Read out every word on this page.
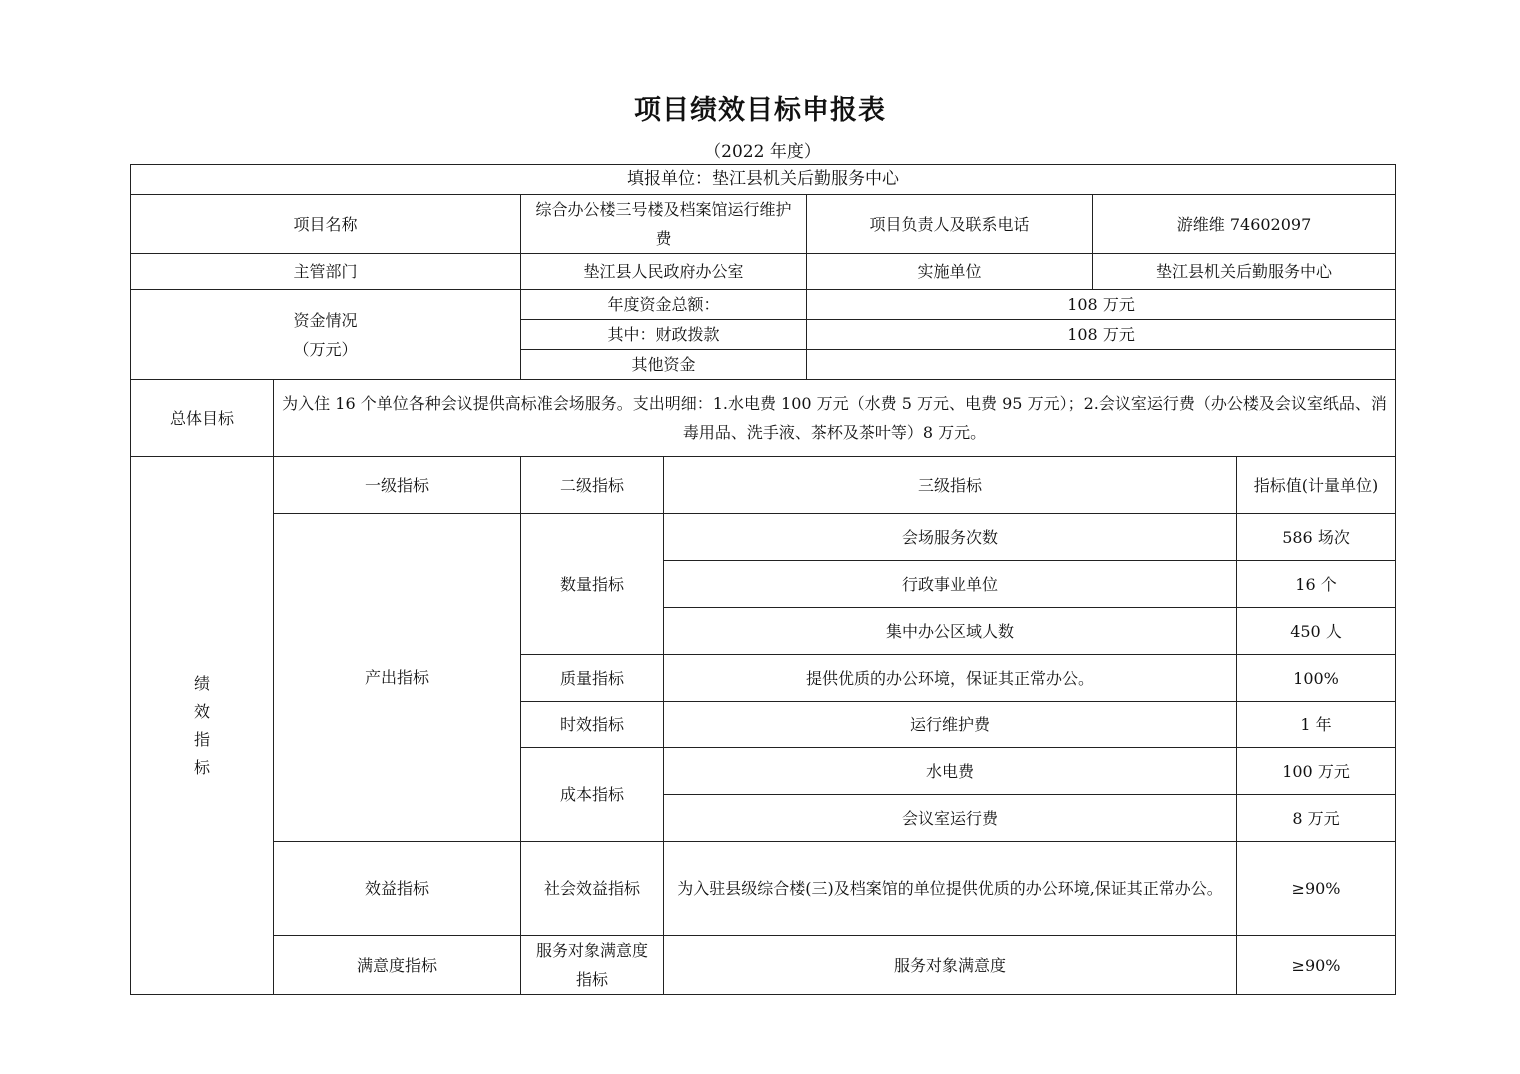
项目绩效目标申报表
（2022 年度）
填报单位：垫江县机关后勤服务中心						
项目名称		综合办公楼三号楼及档案馆运行维护费		项目负责人及联系电话	游维维 74602097	
主管部门		垫江县人民政府办公室		实施单位	垫江县机关后勤服务中心	

资金情况
（万元）		年度资金总额：		108 万元		
		其中：财政拨款		108 万元		
		其他资金				
总体目标	为入住 16 个单位各种会议提供高标准会场服务。支出明细：1.水电费 100 万元（水费 5 万元、电费 95 万元）；2.会议室运行费（办公楼及会议室纸品、消毒用品、洗手液、茶杯及茶叶等）8 万元。					

绩
效
指
标	一级指标	二级指标	三级指标			指标值(计量单位)
	产出指标	数量指标	会场服务次数			586 场次
			行政事业单位			16 个
			集中办公区域人数			450 人
		质量指标	提供优质的办公环境，保证其正常办公。			100%
		时效指标	运行维护费			1 年
		成本指标	水电费			100 万元
			会议室运行费			8 万元
	效益指标	社会效益指标	为入驻县级综合楼(三)及档案馆的单位提供优质的办公环境,保证其正常办公。			≥90%
	满意度指标	服务对象满意度指标	服务对象满意度			≥90%
